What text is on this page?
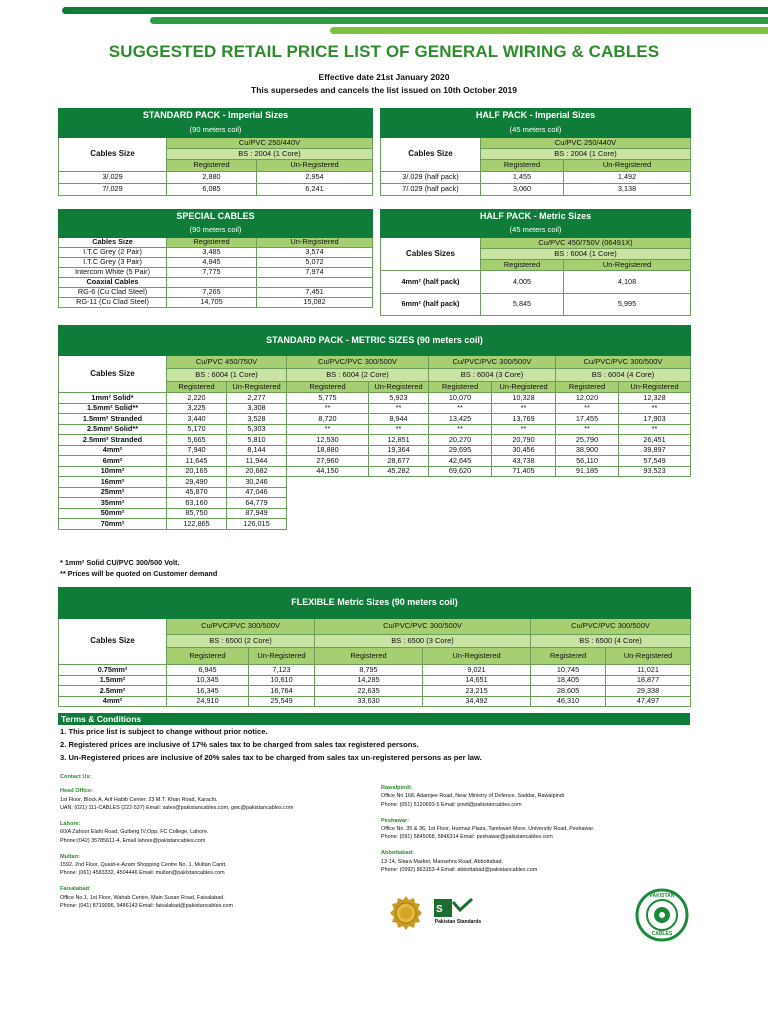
SUGGESTED RETAIL PRICE LIST OF GENERAL WIRING & CABLES
Effective date 21st January 2020
This supersedes and cancels the list issued on 10th October 2019
STANDARD PACK - Imperial Sizes		
(90 meters coil)		
Cables Size	Cu/PVC 250/440V	
	BS : 2004 (1 Core)	
	Registered	Un-Registered
3/.029	2,880	2,954
7/.029	6,085	6,241
HALF PACK - Imperial Sizes		
(45 meters coil)		
Cables Size	Cu/PVC 250/440V	
	BS : 2004 (1 Core)	
	Registered	Un-Registered
3/.029 (half pack)	1,455	1,492
7/.029 (half pack)	3,060	3,138
SPECIAL CABLES		
(90 meters coil)		
Cables Size	Registered	Un-Registered
I.T.C Grey (2 Pair)	3,485	3,574
I.T.C Grey (3 Pair)	4,945	5,072
Intercom White (5 Pair)	7,775	7,974
Coaxial Cables		
RG-6 (Cu Clad Steel)	7,265	7,451
RG-11 (Cu Clad Steel)	14,705	15,082
HALF PACK - Metric Sizes		
(45 meters coil)		
Cables Sizes	Cu/PVC 450/750V (06491X)	
	BS : 6004 (1 Core)	
	Registered	Un-Registered
4mm² (half pack)	4,005	4,108
6mm² (half pack)	5,845	5,995
STANDARD PACK - METRIC SIZES (90 meters coil)								
Cables Size	Cu/PVC 450/750V		Cu/PVC/PVC 300/500V		Cu/PVC/PVC 300/500V		Cu/PVC/PVC 300/500V	
	BS : 6004 (1 Core)		BS : 6004 (2 Core)		BS : 6004 (3 Core)		BS : 6004 (4 Core)	
	Registered	Un-Registered	Registered	Un-Registered	Registered	Un-Registered	Registered	Un-Registered
1mm² Solid*	2,220	2,277	5,775	5,923	10,070	10,328	12,020	12,328
1.5mm² Solid**	3,225	3,308	**	**	**	**	**	**
1.5mm² Stranded	3,440	3,528	8,720	8,944	13,425	13,769	17,455	17,903
2.5mm² Solid**	5,170	5,303	**	**	**	**	**	**
2.5mm² Stranded	5,665	5,810	12,530	12,851	20,270	20,790	25,790	26,451
4mm²	7,940	8,144	18,880	19,364	29,695	30,456	38,900	39,897
6mm²	11,645	11,944	27,960	28,677	42,645	43,738	56,110	57,549
10mm²	20,165	20,682	44,150	45,282	69,620	71,405	91,185	93,523
16mm²	29,490	30,246						
25mm²	45,870	47,046						
35mm²	63,160	64,779						
50mm²	85,750	87,949						
70mm²	122,865	126,015						
* 1mm² Solid CU/PVC 300/500 Volt.
** Prices will be quoted on Customer demand
FLEXIBLE Metric Sizes (90 meters coil)						
Cables Size	Cu/PVC/PVC 300/500V		Cu/PVC/PVC 300/500V		Cu/PVC/PVC 300/500V	
	BS : 6500 (2 Core)		BS : 6500 (3 Core)		BS : 6500 (4 Core)	
	Registered	Un-Registered	Registered	Un-Registered	Registered	Un-Registered
0.75mm²	6,945	7,123	8,795	9,021	10,745	11,021
1.5mm²	10,345	10,610	14,285	14,651	18,405	18,877
2.5mm²	16,345	16,764	22,635	23,215	28,605	29,338
4mm²	24,910	25,549	33,630	34,492	46,310	47,497
Terms & Conditions
1. This price list is subject to change without prior notice.
2. Registered prices are inclusive of 17% sales tax to be charged from sales tax registered persons.
3. Un-Registered prices are inclusive of 20% sales tax to be charged from sales tax un-registered persons as per law.
Contact Us:
Head Office:
1st Floor, Block A, Arif Habib Center, 23 M.T. Khan Road, Karachi.
UAN: (021) 111-CABLES (222-537) Email: sales@pakistancables.com, gwc@pakistancables.com
Lahore:
60/A Zahoor Elahi Road, Gulberg IV,Opp. FC College, Lahore.
Phone:(042) 35785611-4, Email lahore@pakistancables.com
Multan:
1592, 2nd Floor, Quaid-e-Azam Shopping Centre No. 1, Multan Cantt.
Phone: (061) 4583332, 4504446 Email: multan@pakistancables.com
Faisalabad:
Office No.1, 1st Floor, Wahab Centre, Main Susan Road, Faisalabad.
Phone: (041) 8719096, 9486143 Email: faisalabad@pakistancables.com
Rawalpindi:
Office No 168, Adamjee Road, Near Ministry of Defence, Saddar, Rawalpindi
Phone: (051) 5120693-5 Email: pindi@pakistancables.com
Peshawar:
Office No. 35 & 36, 1st Floor, Hurmaz Plaza, Tambwan More, University Road, Peshawar.
Phone: (091) 5845068, 5846314 Email: peshawar@pakistancables.com
Abbottabad:
13-14, Sitara Market, Mansehra Road, Abbottabad.
Phone: (0992) 863153-4 Email: abbottabad@pakistancables.com
S
Pakistan Standards
PAKISTAN
CABLES
